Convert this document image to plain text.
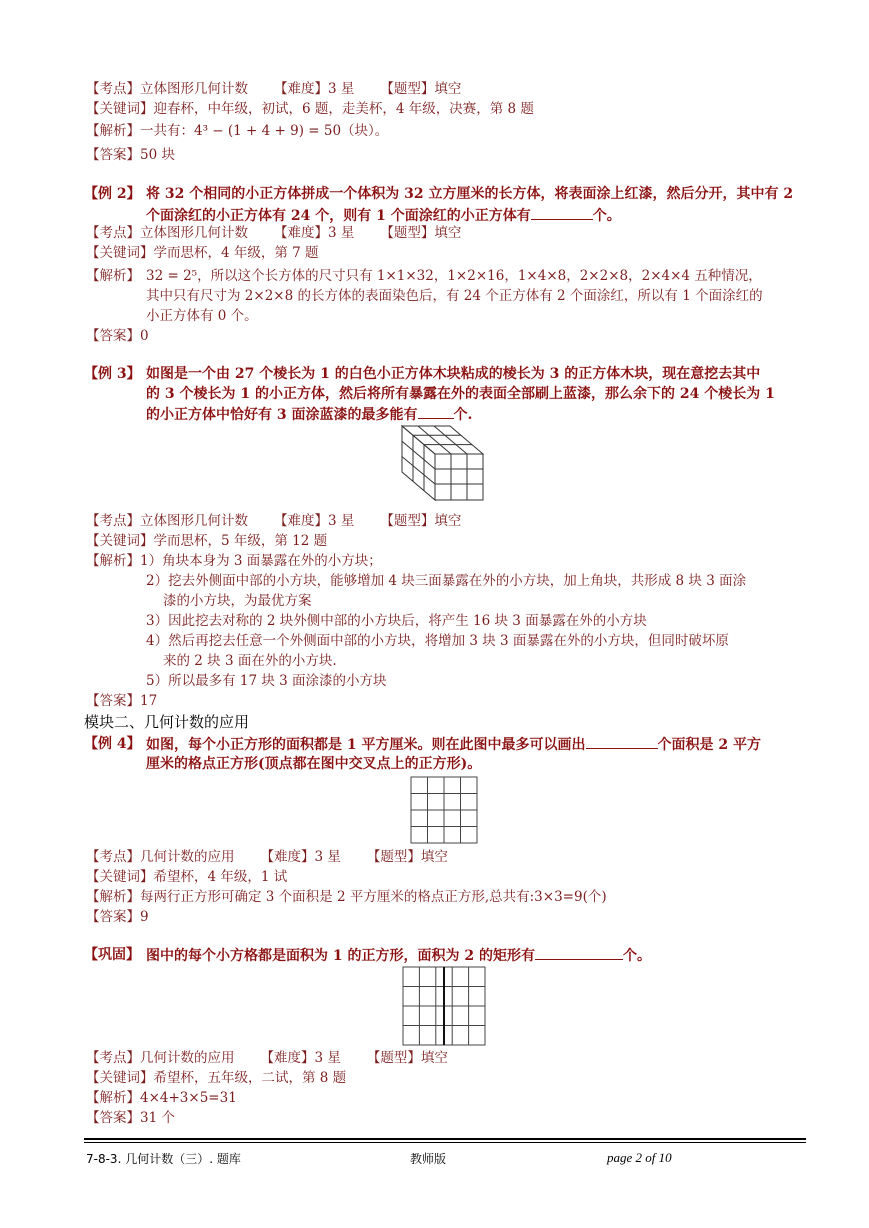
【考点】立体图形几何计数 【难度】3 星 【题型】填空
【关键词】迎春杯，中年级，初试，6 题，走美杯，4 年级，决赛，第 8 题
【解析】一共有：4³ − (1 + 4 + 9) = 50（块）。
【答案】50 块
【例 2】 将 32 个相同的小正方体拼成一个体积为 32 立方厘米的长方体，将表面涂上红漆，然后分开，其中有 2 个面涂红的小正方体有 24 个，则有 1 个面涂红的小正方体有	个。
【考点】立体图形几何计数 【难度】3 星 【题型】填空
【关键词】学而思杯，4 年级，第 7 题
【解析】 32 = 2⁵，所以这个长方体的尺寸只有 1×1×32，1×2×16，1×4×8，2×2×8，2×4×4 五种情况，
其中只有尺寸为 2×2×8 的长方体的表面染色后，有 24 个正方体有 2 个面涂红，所以有 1 个面涂红的
小正方体有 0 个。
【答案】0
【例 3】 如图是一个由 27 个棱长为 1 的白色小正方体木块粘成的棱长为 3 的正方体木块，现在意挖去其中
的 3 个棱长为 1 的小正方体，然后将所有暴露在外的表面全部刷上蓝漆，那么余下的 24 个棱长为 1
的小正方体中恰好有 3 面涂蓝漆的最多能有	个.
【考点】立体图形几何计数 【难度】3 星 【题型】填空
【关键词】学而思杯，5 年级，第 12 题
【解析】1）角块本身为 3 面暴露在外的小方块；
2）挖去外侧面中部的小方块，能够增加 4 块三面暴露在外的小方块，加上角块，共形成 8 块 3 面涂
漆的小方块，为最优方案
3）因此挖去对称的 2 块外侧中部的小方块后，将产生 16 块 3 面暴露在外的小方块
4）然后再挖去任意一个外侧面中部的小方块，将增加 3 块 3 面暴露在外的小方块，但同时破坏原
来的 2 块 3 面在外的小方块.
5）所以最多有 17 块 3 面涂漆的小方块
【答案】17
模块二、几何计数的应用
【例 4】 如图，每个小正方形的面积都是 1 平方厘米。则在此图中最多可以画出	个面积是 2 平方
厘米的格点正方形(顶点都在图中交叉点上的正方形)。
【考点】几何计数的应用 【难度】3 星 【题型】填空
【关键词】希望杯，4 年级，1 试
【解析】每两行正方形可确定 3 个面积是 2 平方厘米的格点正方形,总共有:3×3=9(个)
【答案】9
【巩固】 图中的每个小方格都是面积为 1 的正方形，面积为 2 的矩形有	个。
【考点】几何计数的应用 【难度】3 星 【题型】填空
【关键词】希望杯，五年级，二试，第 8 题
【解析】4×4+3×5=31
【答案】31 个
7-8-3. 几何计数（三）. 题库	教师版	page 2 of 10
